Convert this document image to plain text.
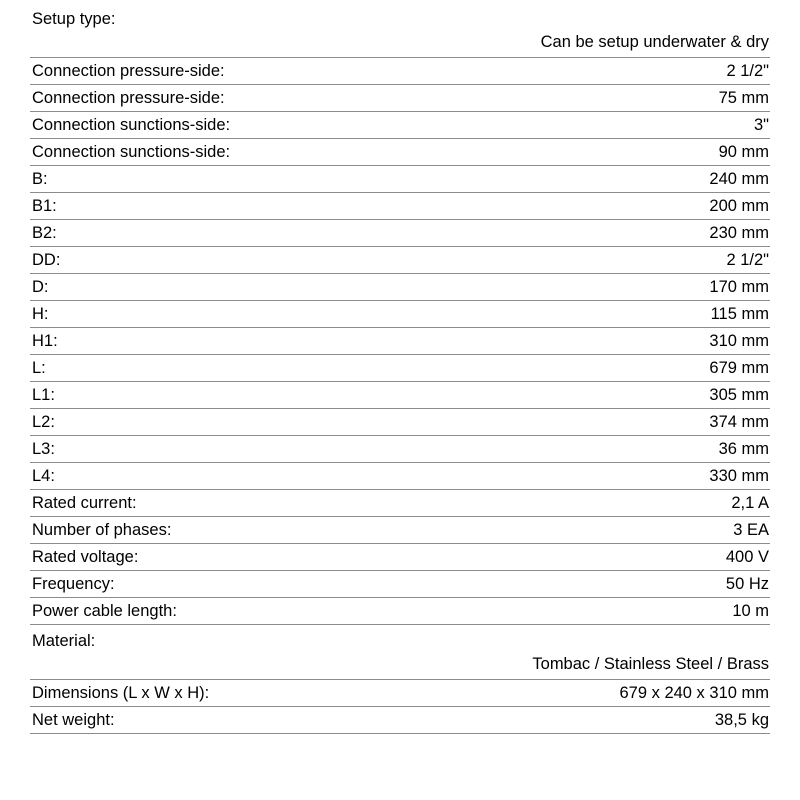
Setup type:
Can be setup underwater & dry
Connection pressure-side:	2 1/2"
Connection pressure-side:	75 mm
Connection sunctions-side:	3"
Connection sunctions-side:	90 mm
B:	240 mm
B1:	200 mm
B2:	230 mm
DD:	2 1/2"
D:	170 mm
H:	115 mm
H1:	310 mm
L:	679 mm
L1:	305 mm
L2:	374 mm
L3:	36 mm
L4:	330 mm
Rated current:	2,1 A
Number of phases:	3 EA
Rated voltage:	400 V
Frequency:	50 Hz
Power cable length:	10 m
Material:
Tombac / Stainless Steel / Brass
Dimensions (L x W x H):	679 x 240 x 310 mm
Net weight:	38,5 kg
